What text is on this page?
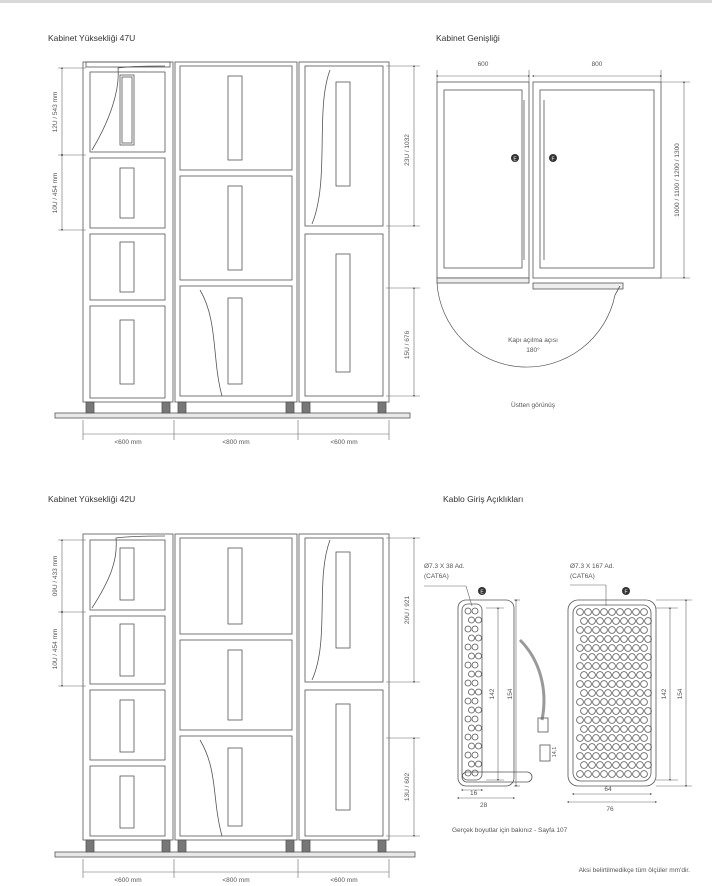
Kabinet Yüksekliği 47U	Kabinet Genişliği
Kabinet Yüksekliği 42U	Kablo Giriş Açıklıkları
12U / 543 mm
10U / 454 mm
23U / 1032
15U / 676
<600 mm	<800 mm	<600 mm
E	F
600	800
1000 / 1100 / 1200 / 1300
Kapı açılma açısı
180°
Üstten görünüş
09U / 433 mm
10U / 454 mm
20U / 921
13U / 602
<600 mm	<800 mm	<600 mm
Ø7.3 X 38 Ad.
(CAT6A)
Ø7.3 X 167 Ad.
(CAT6A)
E	F
142 154
16
28
142 154
64
76
14,1
Gerçek boyutlar için bakınız - Sayfa 107
Aksi belirtilmedikçe tüm ölçüler mm'dir.
